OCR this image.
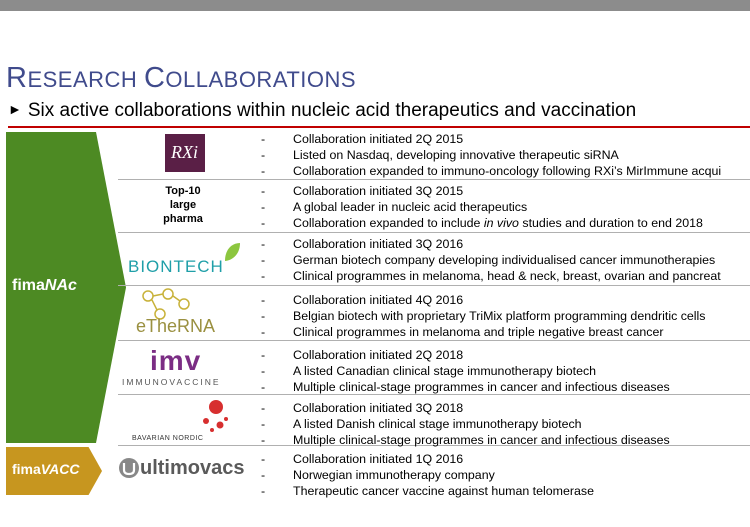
RESEARCH COLLABORATIONS
► Six active collaborations within nucleic acid therapeutics and vaccination
fimaNAc
fimaVACC
RXi
- Collaboration initiated 2Q 2015
- Listed on Nasdaq, developing innovative therapeutic siRNA
- Collaboration expanded to immuno-oncology following RXi’s MirImmune acqui
Top-10
large
pharma
- Collaboration initiated 3Q 2015
- A global leader in nucleic acid therapeutics
- Collaboration expanded to include in vivo studies and duration to end 2018
BIONTECH
- Collaboration initiated 3Q 2016
- German biotech company developing individualised cancer immunotherapies
- Clinical programmes in melanoma, head & neck, breast, ovarian and pancreat
eTheRNA
- Collaboration initiated 4Q 2016
- Belgian biotech with proprietary TriMix platform programming dendritic cells
- Clinical programmes in melanoma and triple negative breast cancer
imv
IMMUNOVACCINE
- Collaboration initiated 2Q 2018
- A listed Canadian clinical stage immunotherapy biotech
- Multiple clinical-stage programmes in cancer and infectious diseases
BAVARIAN NORDIC
- Collaboration initiated 3Q 2018
- A listed Danish clinical stage immunotherapy biotech
- Multiple clinical-stage programmes in cancer and infectious diseases
ultimovacs
-	Collaboration initiated 1Q 2016
- Norwegian immunotherapy company
- Therapeutic cancer vaccine against human telomerase
